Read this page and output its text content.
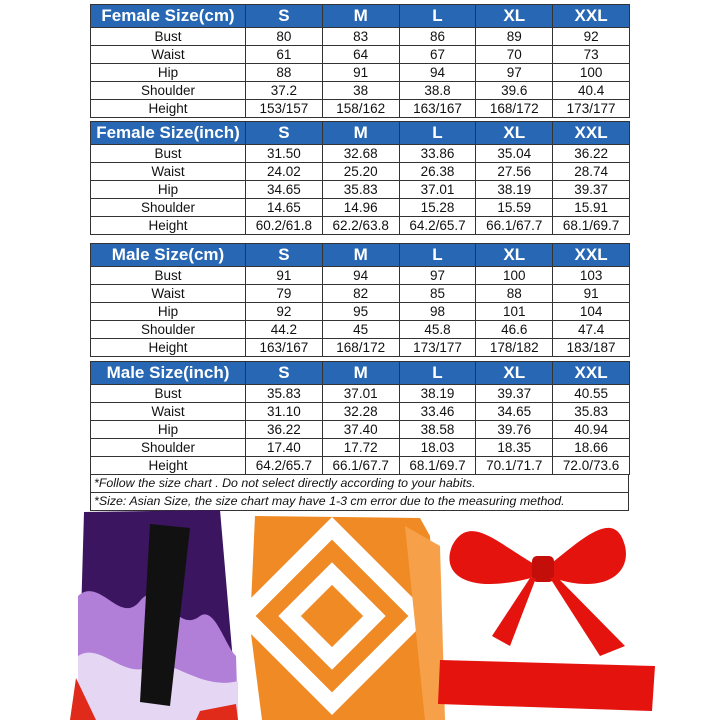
Female Size(cm)	S	M	L	XL	XXL
Bust	80	83	86	89	92
Waist	61	64	67	70	73
Hip	88	91	94	97	100
Shoulder	37.2	38	38.8	39.6	40.4
Height	153/157	158/162	163/167	168/172	173/177
Female Size(inch)	S	M	L	XL	XXL
Bust	31.50	32.68	33.86	35.04	36.22
Waist	24.02	25.20	26.38	27.56	28.74
Hip	34.65	35.83	37.01	38.19	39.37
Shoulder	14.65	14.96	15.28	15.59	15.91
Height	60.2/61.8	62.2/63.8	64.2/65.7	66.1/67.7	68.1/69.7
Male Size(cm)	S	M	L	XL	XXL
Bust	91	94	97	100	103
Waist	79	82	85	88	91
Hip	92	95	98	101	104
Shoulder	44.2	45	45.8	46.6	47.4
Height	163/167	168/172	173/177	178/182	183/187
Male Size(inch)	S	M	L	XL	XXL
Bust	35.83	37.01	38.19	39.37	40.55
Waist	31.10	32.28	33.46	34.65	35.83
Hip	36.22	37.40	38.58	39.76	40.94
Shoulder	17.40	17.72	18.03	18.35	18.66
Height	64.2/65.7	66.1/67.7	68.1/69.7	70.1/71.7	72.0/73.6
*Follow the size chart . Do not select directly according to your habits.
*Size: Asian Size, the size chart may have 1-3 cm error due to the measuring method.
